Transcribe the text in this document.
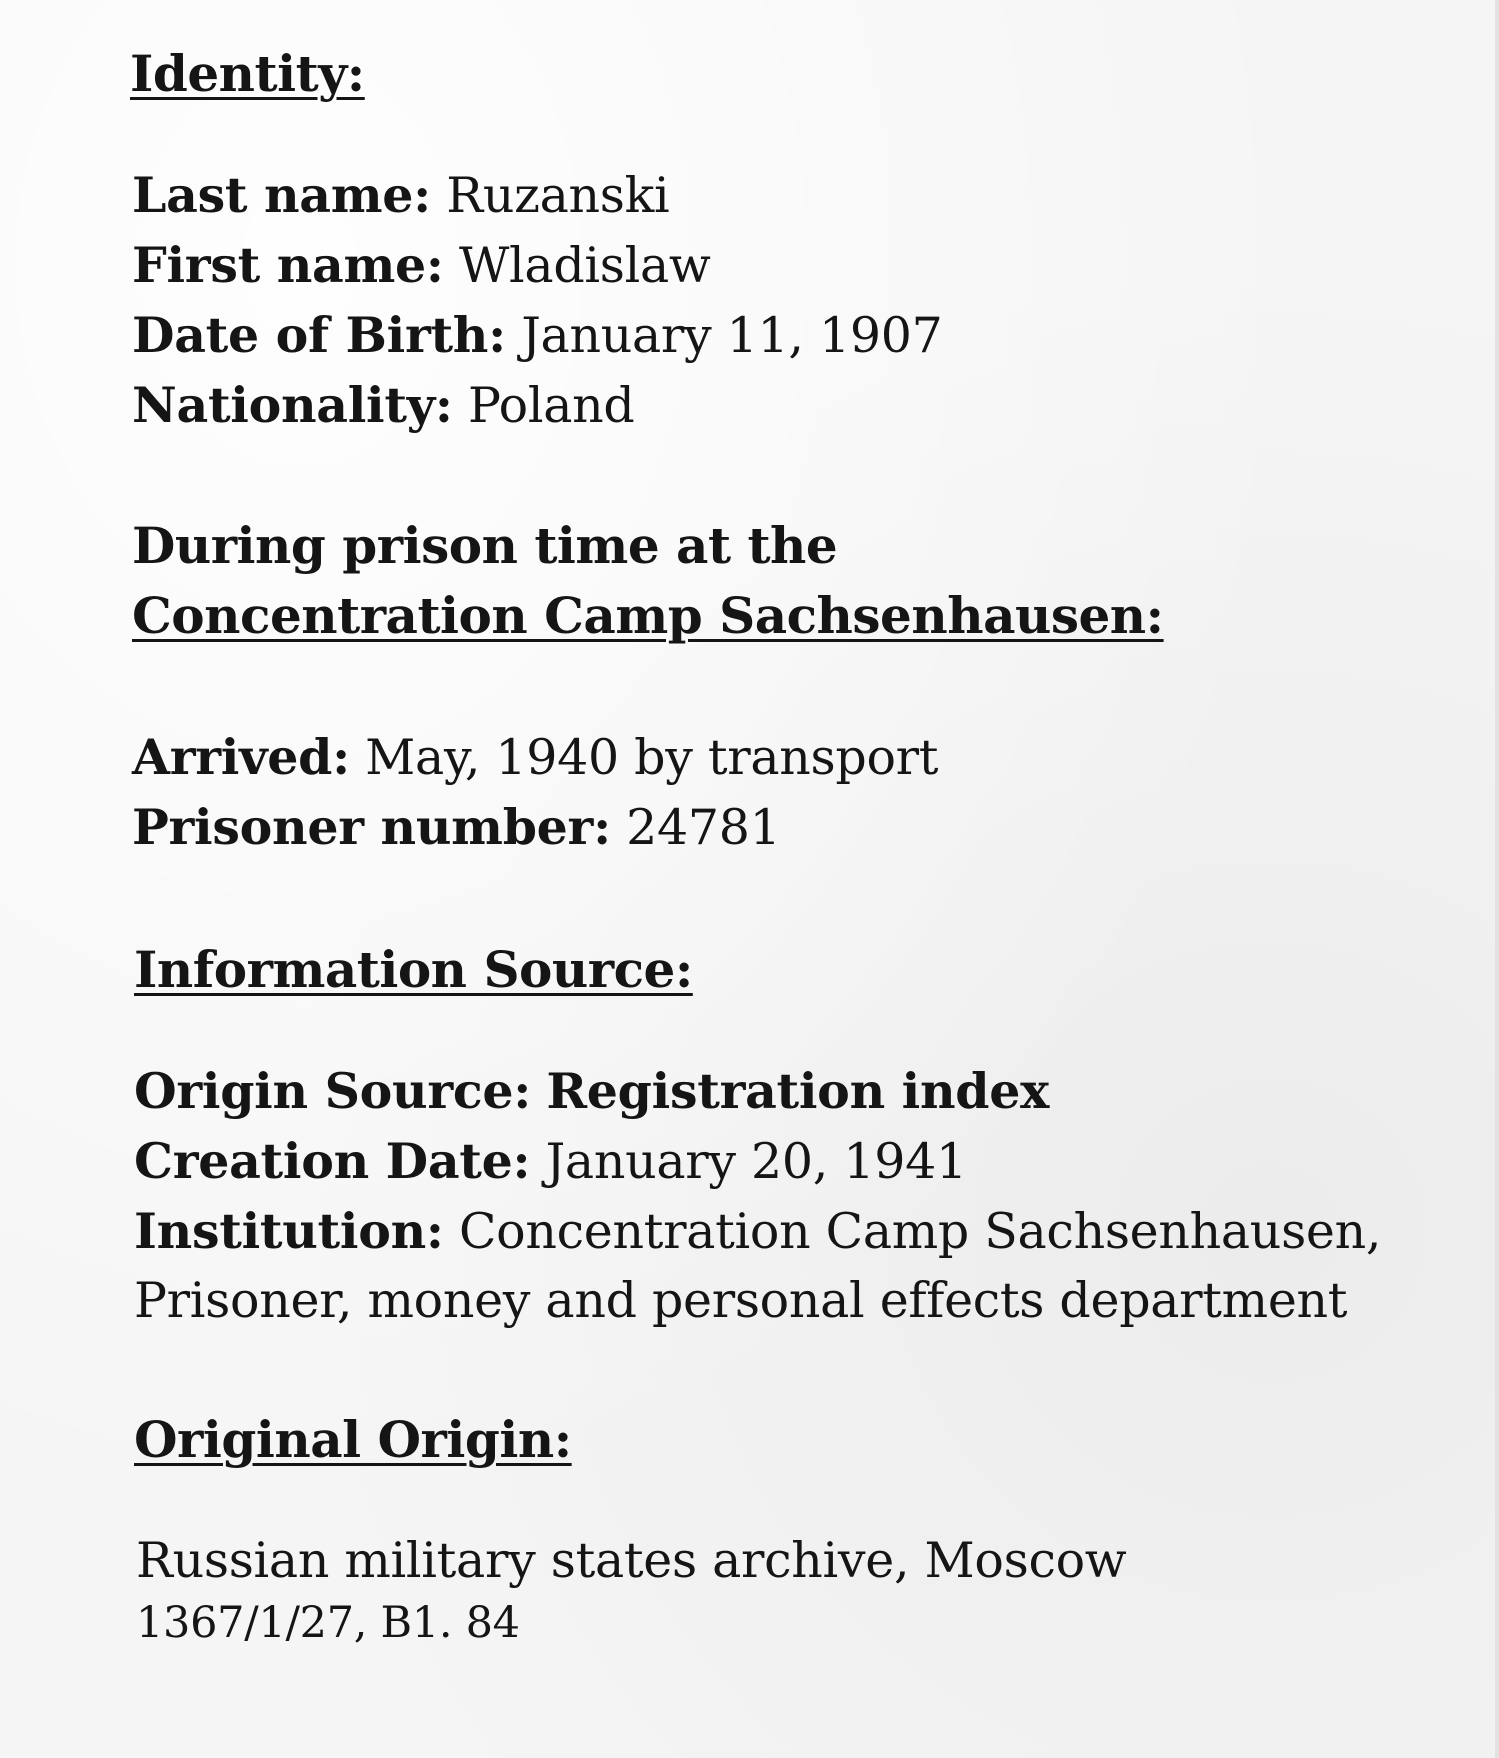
Identity:

Last name: Ruzanski

First name: Wladislaw

Date of Birth: January 11, 1907

Nationality: Poland

During prison time at the

Concentration Camp Sachsenhausen:

Arrived: May, 1940 by transport

Prisoner number: 24781

Information Source:

Origin Source: Registration index

Creation Date: January 20, 1941

Institution: Concentration Camp Sachsenhausen,

Prisoner, money and personal effects department

Original Origin:

Russian military states archive, Moscow

1367/1/27, B1. 84
